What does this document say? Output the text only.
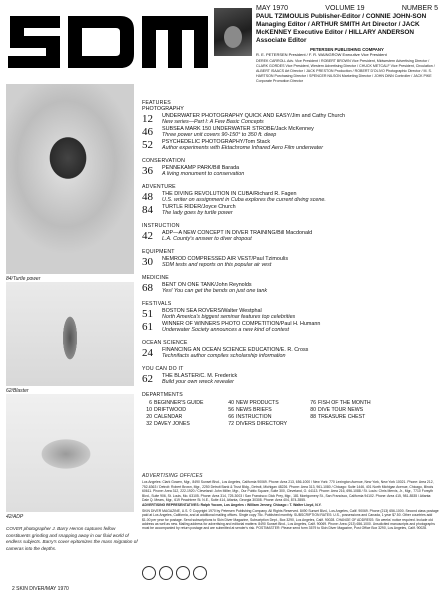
MAY 1970	VOLUME 19	NUMBER 5
PAUL TZIMOULIS Publisher-Editor / CONNIE JOHN-SON Managing Editor / ARTHUR SMITH Art Director / JACK McKENNEY Executive Editor / HILLARY ANDERSON Associate Editor
PETERSEN PUBLISHING COMPANY
R. E. PETERSEN President / F. R. WAINGROW Executive Vice President
DEREK CARROLL Adv. Vice President / ROBERT BROWN Vice President, Midwestern Advertising Director / CLARK GORDES Vice President, Western Advertising Director / CHUCK METCALF Vice President, Circulation / ALBERT ISAACS Art Director / JACK PRESTON Production / ROBERT D'OLIVO Photographic Director / M. S. HARTSON Purchasing Director / SPENCER NILSON Marketing Director / JOHN DINN Controller / JACK PIKE Corporate Promotion Director
84/Turtle power
62/Blaster
42/ADP
COVER photographer J. Barry Herron captures fellow constituents grinding and snapping away in our fluid world of endless subjects. Barry's cover epitomizes the mass migration of cameras into the depths.
FEATURES
PHOTOGRAPHY
12	UNDERWATER PHOTOGRAPHY QUICK AND EASY/Jim and Cathy Church
New series—Part I: A Few Basic Concepts
46	SUBSEA MARK 150 UNDERWATER STROBE/Jack McKenney
Three power unit covers 90-150° to 350 ft. deep
52	PSYCHEDELIC PHOTOGRAPHY/Tom Stack
Author experiments with Ektachrome Infrared Aero Film underwater
CONSERVATION
36	PENNEKAMP PARK/Bill Barada
A living monument to conservation
ADVENTURE
48	THE DIVING REVOLUTION IN CUBA/Richard R. Fagen
U.S. writer on assignment in Cuba explores the current diving scene.
84	TURTLE RIDER/Joyce Church
The lady goes by turtle power
INSTRUCTION
42	ADP—A NEW CONCEPT IN DIVER TRAINING/Bill Macdonald
L.A. County's answer to diver dropout
EQUIPMENT
30	NEMROD COMPRESSED AIR VEST/Paul Tzimoulis
SDM tests and reports on this popular air vest
MEDICINE
68	BENT ON ONE TANK/John Reynolds
Yes! You can get the bends on just one tank
FESTIVALS
51	BOSTON SEA ROVERS/Walter Westphal
North America's biggest seminar features top celebrities
61	WINNER OF WINNERS PHOTO COMPETITION/Paul H. Humann
Underwater Society announces a new kind of contest
OCEAN SCIENCE
24	FINANCING AN OCEAN SCIENCE EDUCATION/E. R. Cross
Technifacts author compiles scholarship information
YOU CAN DO IT
62	THE BLASTER/C. M. Frederick
Build your own wreck revealer
DEPARTMENTS
6 BEGINNER'S GUIDE	40 NEW PRODUCTS	76 FISH OF THE MONTH
10 DRIFTWOOD	56 NEWS BRIEFS	80 DIVE TOUR NEWS
20 CALENDAR	66 INSTRUCTION	88 TREASURE CHEST
32 DAVEY JONES	72 DIVERS DIRECTORY
ADVERTISING OFFICES
Los Angeles: Clark Gowen, Mgr., 8490 Sunset Blvd., Los Angeles, California 90069. Phone: Area 213, 656-1000 / New York: 770 Lexington Avenue, New York, New York 10021. Phone: Area 212, 752-6363 / Detroit: Robert Brown, Mgr., 2250 Detroit Bank & Trust Bldg., Detroit, Michigan 48226. Phone: Area 313, 961-1080 / Chicago: Suite 1446, 401 North Michigan Avenue, Chicago, Illinois 60611. Phone: Area 312, 222-1920 / Cleveland: John Miller, Mgr., Our Public Square, Suite 300, Cleveland, O. 44113. Phone: Area 216, 696-1088 / St. Louis: Chris Mervis, Jr., Mgr., 7710 Forsyth Blvd., Suite 906, St. Louis, Mo. 63105. Phone: Area 314, 725-3003 / San Francisco: Dick Prey, Mgr., 181 Montgomery St., San Francisco, California 94102. Phone: Area 415, 981-8535 / Atlanta: Dale Q. Mears, Mgr., 619 Peachtree St. N.E., Suite 414, Atlanta, Georgia 30308. Phone: Area 404, 874-3555.
ADVERTISING REPRESENTATIVES: Ralph Yocom, Los Angeles • William Jenney, Chicago • T. Walter Lloyd, N.Y.
SKIN DIVER MAGAZINE, U.S. © Copyright 1970 by Petersen Publishing Company. All Rights Reserved. 8490 Sunset Blvd., Los Angeles, Calif. 90069. Phone (213) 656-1000. Second class postage paid at Los Angeles, California, and at additional mailing offices. Single copy 75c. Published monthly. SUBSCRIPTION RATES: U.S., possessions and Canada, 1 year $7.50. Other countries add $1.00 per year for postage. Send subscriptions to Skin Diver Magazine, Subscription Dept., Box 3290, Los Angeles, Calif. 90028. CHANGE OF ADDRESS: Six weeks' notice required. Include old address as well as new. Mailing address for advertising and editorial matters: 8490 Sunset Blvd., Los Angeles, Calif. 90069. Phone: Area (213) 656-1000. Unsolicited manuscripts and photographs must be accompanied by return postage and are submitted at sender's risk. POSTMASTER: Please send form 3579 to Skin Diver Magazine, Post Office Box 3290, Los Angeles, Calif. 90028.
2 SKIN DIVER/MAY 1970
